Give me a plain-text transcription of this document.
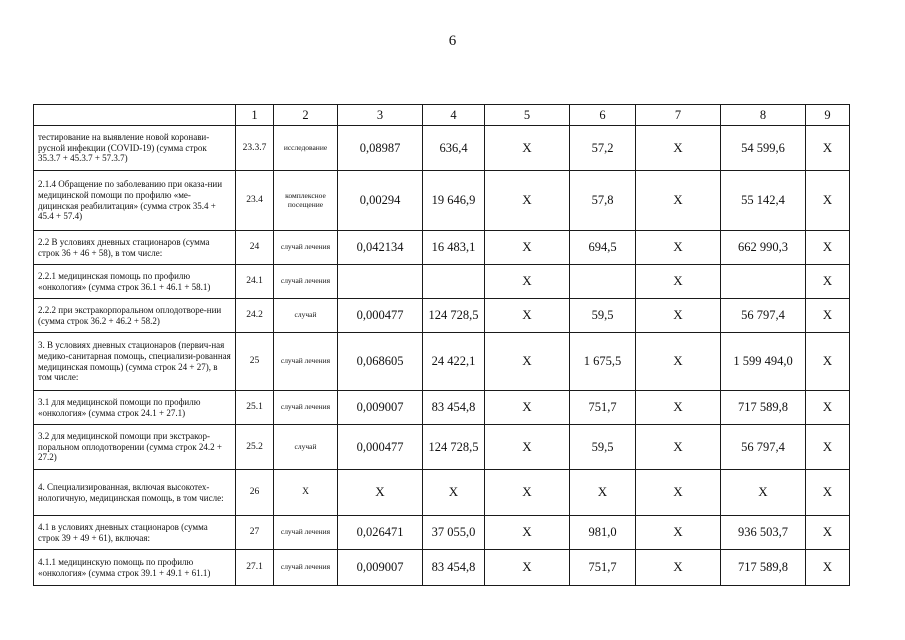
6
	1	2	3	4	5	6	7	8	9
тестирование на выявление новой коронави-русной инфекции (COVID-19) (сумма строк 35.3.7 + 45.3.7 + 57.3.7)	23.3.7	исследование	0,08987	636,4	X	57,2	X	54 599,6	X
2.1.4 Обращение по заболеванию при оказа-нии медицинской помощи по профилю «ме-дицинская реабилитация» (сумма строк 35.4 + 45.4 + 57.4)	23.4	комплексное посещение	0,00294	19 646,9	X	57,8	X	55 142,4	X
2.2 В условиях дневных стационаров (сумма строк 36 + 46 + 58), в том числе:	24	случай лечения	0,042134	16 483,1	X	694,5	X	662 990,3	X
2.2.1 медицинская помощь по профилю «онкология» (сумма строк 36.1 + 46.1 + 58.1)	24.1	случай лечения			X		X		X
2.2.2 при экстракорпоральном оплодотворе-нии (сумма строк 36.2 + 46.2 + 58.2)	24.2	случай	0,000477	124 728,5	X	59,5	X	56 797,4	X
3. В условиях дневных стационаров (первич-ная медико-санитарная помощь, специализи-рованная медицинская помощь) (сумма строк 24 + 27), в том числе:	25	случай лечения	0,068605	24 422,1	X	1 675,5	X	1 599 494,0	X
3.1 для медицинской помощи по профилю «онкология» (сумма строк 24.1 + 27.1)	25.1	случай лечения	0,009007	83 454,8	X	751,7	X	717 589,8	X
3.2 для медицинской помощи при экстракор-поральном оплодотворении (сумма строк 24.2 + 27.2)	25.2	случай	0,000477	124 728,5	X	59,5	X	56 797,4	X
4. Специализированная, включая высокотех-нологичную, медицинская помощь, в том числе:	26	X	X	X	X	X	X	X	X
4.1 в условиях дневных стационаров (сумма строк 39 + 49 + 61), включая:	27	случай лечения	0,026471	37 055,0	X	981,0	X	936 503,7	X
4.1.1 медицинскую помощь по профилю «онкология» (сумма строк 39.1 + 49.1 + 61.1)	27.1	случай лечения	0,009007	83 454,8	X	751,7	X	717 589,8	X
